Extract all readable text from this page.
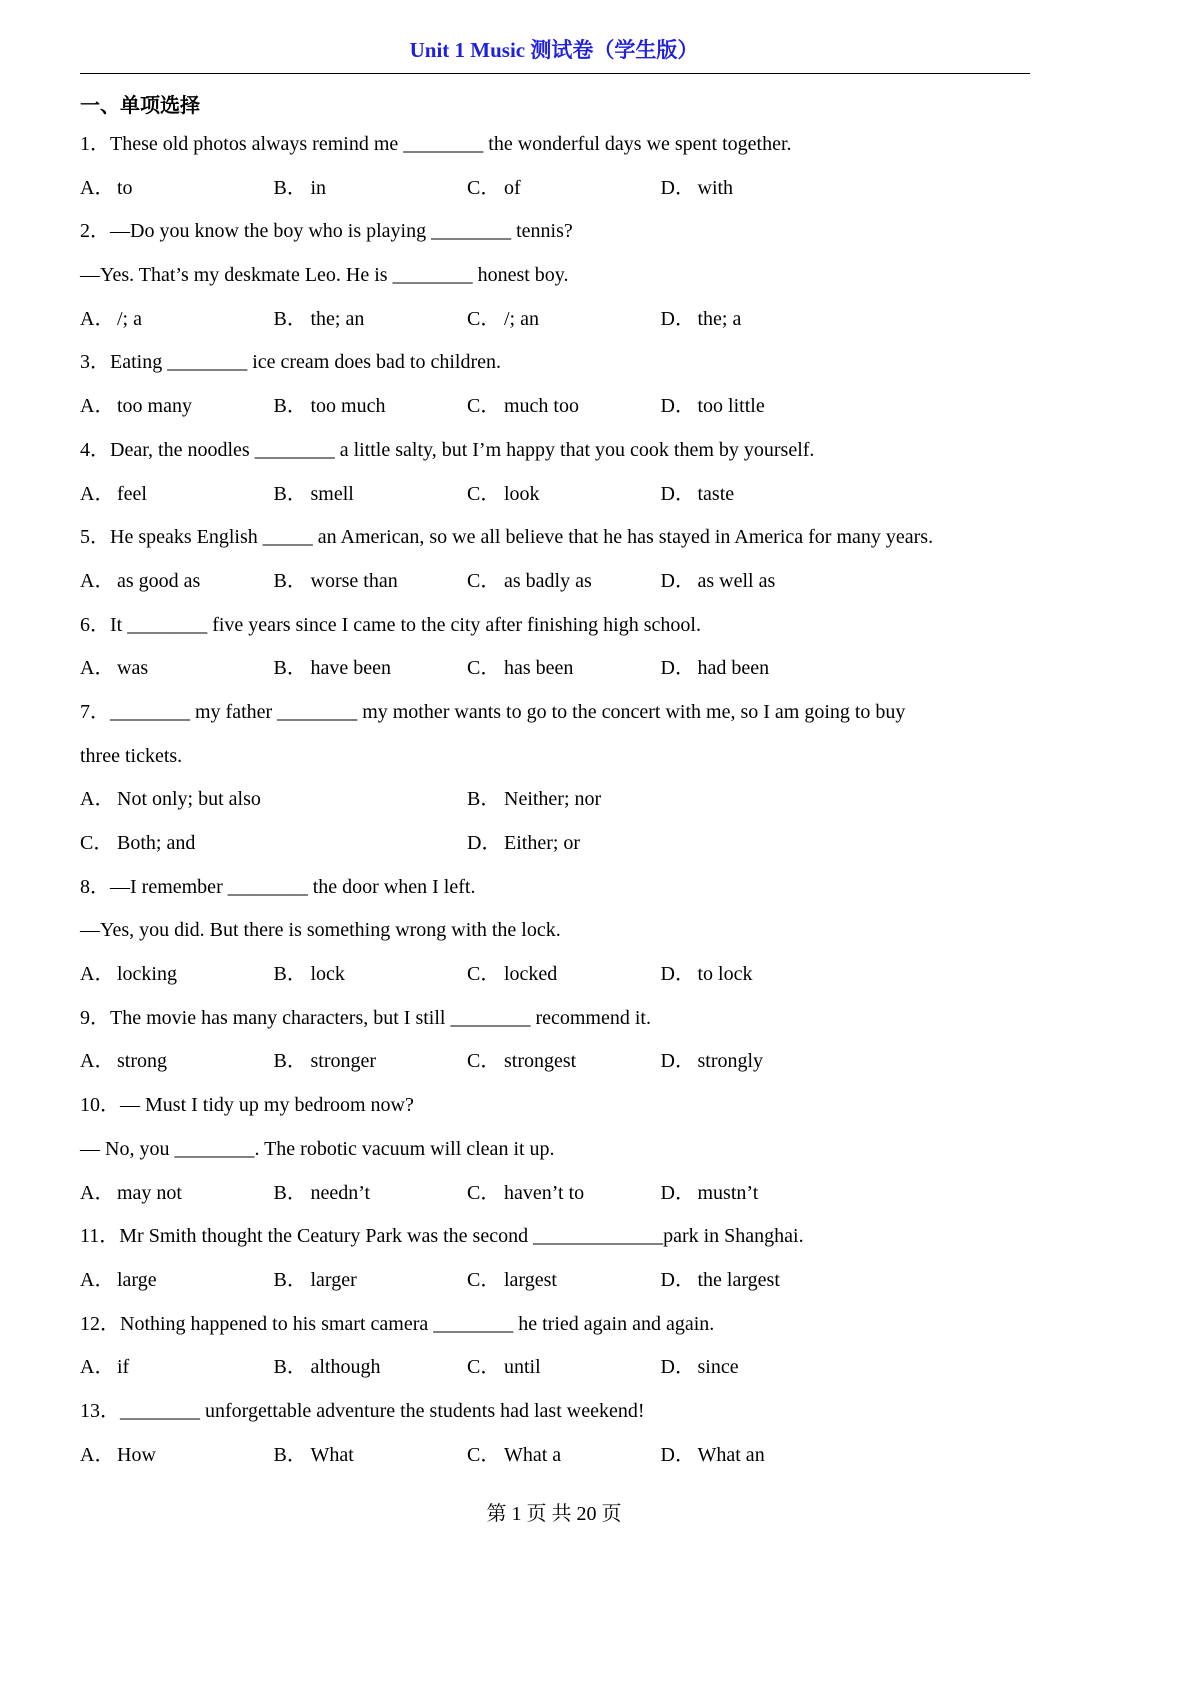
Unit 1 Music 测试卷（学生版）
一、单项选择
1．These old photos always remind me ________ the wonderful days we spent together.
A． to	B． in	C． of	D． with
2．—Do you know the boy who is playing ________ tennis?
—Yes. That’s my deskmate Leo. He is ________ honest boy.
A． /; a	B． the; an	C． /; an	D． the; a
3．Eating ________ ice cream does bad to children.
A． too many	B． too much	C． much too	D． too little
4．Dear, the noodles ________ a little salty, but I’m happy that you cook them by yourself.
A． feel	B． smell	C． look	D． taste
5．He speaks English _____ an American, so we all believe that he has stayed in America for many years.
A． as good as	B． worse than	C． as badly as	D． as well as
6．It ________ five years since I came to the city after finishing high school.
A． was	B． have been	C． has been	D． had been
7．________ my father ________ my mother wants to go to the concert with me, so I am going to buy
three tickets.
A． Not only; but also	B． Neither; nor
C． Both; and	D． Either; or
8．—I remember ________ the door when I left.
—Yes, you did. But there is something wrong with the lock.
A． locking	B． lock	C． locked	D． to lock
9．The movie has many characters, but I still ________ recommend it.
A． strong	B． stronger	C． strongest	D． strongly
10．— Must I tidy up my bedroom now?
— No, you ________. The robotic vacuum will clean it up.
A． may not	B． needn’t	C． haven’t to	D． mustn’t
11．Mr Smith thought the Ceatury Park was the second _____________park in Shanghai.
A． large	B． larger	C． largest	D． the largest
12．Nothing happened to his smart camera ________ he tried again and again.
A． if	B． although	C． until	D． since
13．________ unforgettable adventure the students had last weekend!
A． How	B． What	C． What a	D． What an
第 1 页 共 20 页
